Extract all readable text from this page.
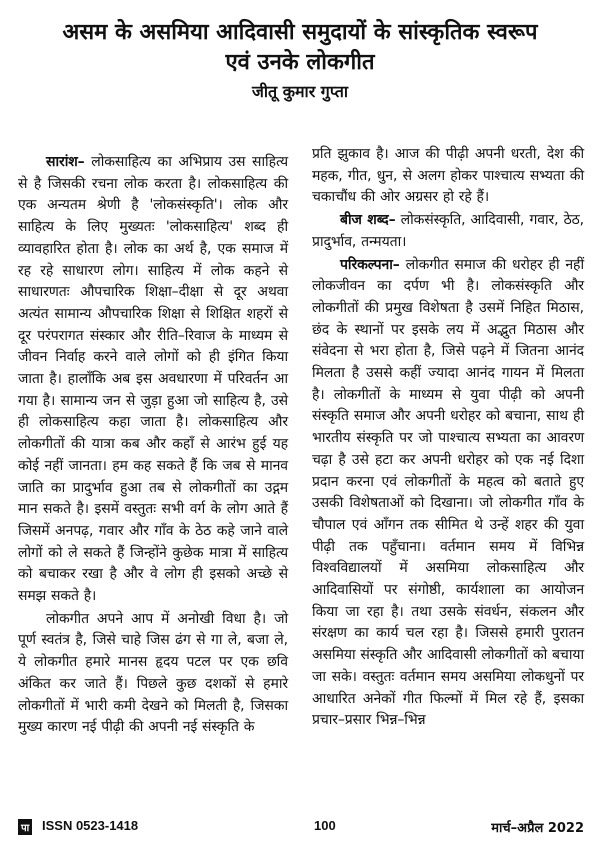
असम के असमिया आदिवासी समुदायों के सांस्कृतिक स्वरूप
एवं उनके लोकगीत
जीतू कुमार गुप्ता

सारांश– लोकसाहित्य का अभिप्राय उस साहित्य से है जिसकी रचना लोक करता है। लोकसाहित्य की एक अन्यतम श्रेणी है 'लोकसंस्कृति'। लोक और साहित्य के लिए मुख्यतः 'लोकसाहित्य' शब्द ही व्यावहारित होता है। लोक का अर्थ है, एक समाज में रह रहे साधारण लोग। साहित्य में लोक कहने से साधारणतः औपचारिक शिक्षा–दीक्षा से दूर अथवा अत्यंत सामान्य औपचारिक शिक्षा से शिक्षित शहरों से दूर परंपरागत संस्कार और रीति–रिवाज के माध्यम से जीवन निर्वाह करने वाले लोगों को ही इंगित किया जाता है। हालाँकि अब इस अवधारणा में परिवर्तन आ गया है। सामान्य जन से जुड़ा हुआ जो साहित्य है, उसे ही लोकसाहित्य कहा जाता है। लोकसाहित्य और लोकगीतों की यात्रा कब और कहाँ से आरंभ हुई यह कोई नहीं जानता। हम कह सकते हैं कि जब से मानव जाति का प्रादुर्भाव हुआ तब से लोकगीतों का उद्गम मान सकते है। इसमें वस्तुतः सभी वर्ग के लोग आते हैं जिसमें अनपढ़, गवार और गाँव के ठेठ कहे जाने वाले लोगों को ले सकते हैं जिन्होंने कुछेक मात्रा में साहित्य को बचाकर रखा है और वे लोग ही इसको अच्छे से समझ सकते है।

लोकगीत अपने आप में अनोखी विधा है। जो पूर्ण स्वतंत्र है, जिसे चाहे जिस ढंग से गा ले, बजा ले, ये लोकगीत हमारे मानस हृदय पटल पर एक छवि अंकित कर जाते हैं। पिछले कुछ दशकों से हमारे लोकगीतों में भारी कमी देखने को मिलती है, जिसका मुख्य कारण नई पीढ़ी की अपनी नई संस्कृति के

प्रति झुकाव है। आज की पीढ़ी अपनी धरती, देश की महक, गीत, धुन, से अलग होकर पाश्चात्य सभ्यता की चकाचौंध की ओर अग्रसर हो रहे हैं।

बीज शब्द– लोकसंस्कृति, आदिवासी, गवार, ठेठ, प्रादुर्भाव, तन्मयता।

परिकल्पना– लोकगीत समाज की धरोहर ही नहीं लोकजीवन का दर्पण भी है। लोकसंस्कृति और लोकगीतों की प्रमुख विशेषता है उसमें निहित मिठास, छंद के स्थानों पर इसके लय में अद्भुत मिठास और संवेदना से भरा होता है, जिसे पढ़ने में जितना आनंद मिलता है उससे कहीं ज्यादा आनंद गायन में मिलता है। लोकगीतों के माध्यम से युवा पीढ़ी को अपनी संस्कृति समाज और अपनी धरोहर को बचाना, साथ ही भारतीय संस्कृति पर जो पाश्चात्य सभ्यता का आवरण चढ़ा है उसे हटा कर अपनी धरोहर को एक नई दिशा प्रदान करना एवं लोकगीतों के महत्व को बताते हुए उसकी विशेषताओं को दिखाना। जो लोकगीत गाँव के चौपाल एवं आँगन तक सीमित थे उन्हें शहर की युवा पीढ़ी तक पहुँचाना। वर्तमान समय में विभिन्न विश्वविद्यालयों में असमिया लोकसाहित्य और आदिवासियों पर संगोष्ठी, कार्यशाला का आयोजन किया जा रहा है। तथा उसके संवर्धन, संकलन और संरक्षण का कार्य चल रहा है। जिससे हमारी पुरातन असमिया संस्कृति और आदिवासी लोकगीतों को बचाया जा सके। वस्तुतः वर्तमान समय असमिया लोकधुनों पर आधारित अनेकों गीत फिल्मों में मिल रहे हैं, इसका प्रचार–प्रसार भिन्न–भिन्न

पा ISSN 0523-1418	100	मार्च–अप्रैल 2022
